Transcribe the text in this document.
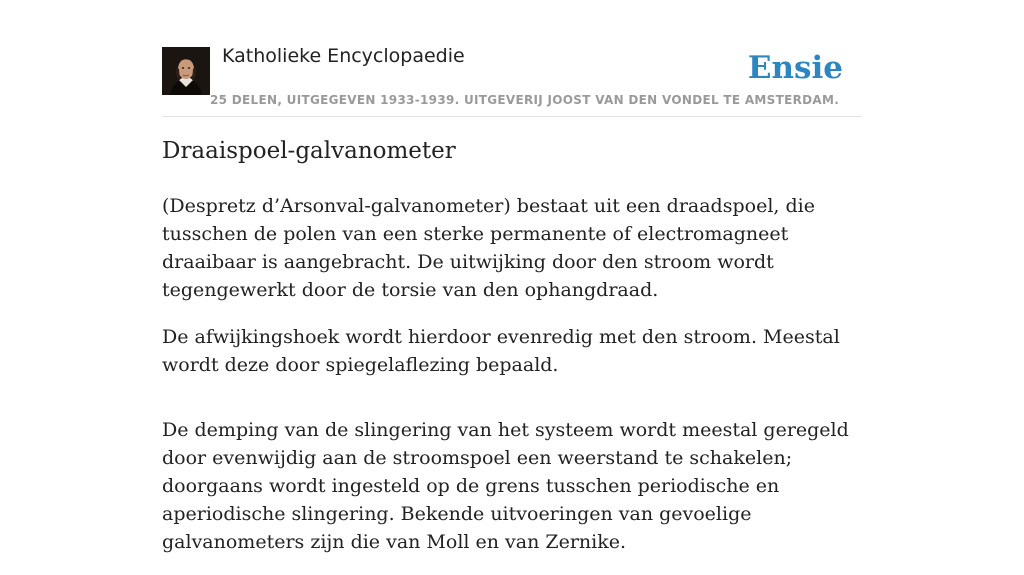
Katholieke Encyclopaedie	Ensie
25 DELEN, UITGEGEVEN 1933-1939. UITGEVERIJ JOOST VAN DEN VONDEL TE AMSTERDAM.
Draaispoel-galvanometer

(Despretz d’Arsonval-galvanometer) bestaat uit een draadspoel, die tusschen de polen van een sterke permanente of electromagneet draaibaar is aangebracht. De uitwijking door den stroom wordt tegengewerkt door de torsie van den ophangdraad.

De afwijkingshoek wordt hierdoor evenredig met den stroom. Meestal wordt deze door spiegelaflezing bepaald.

De demping van de slingering van het systeem wordt meestal geregeld door evenwijdig aan de stroomspoel een weerstand te schakelen; doorgaans wordt ingesteld op de grens tusschen periodische en aperiodische slingering. Bekende uitvoeringen van gevoelige galvanometers zijn die van Moll en van Zernike.
